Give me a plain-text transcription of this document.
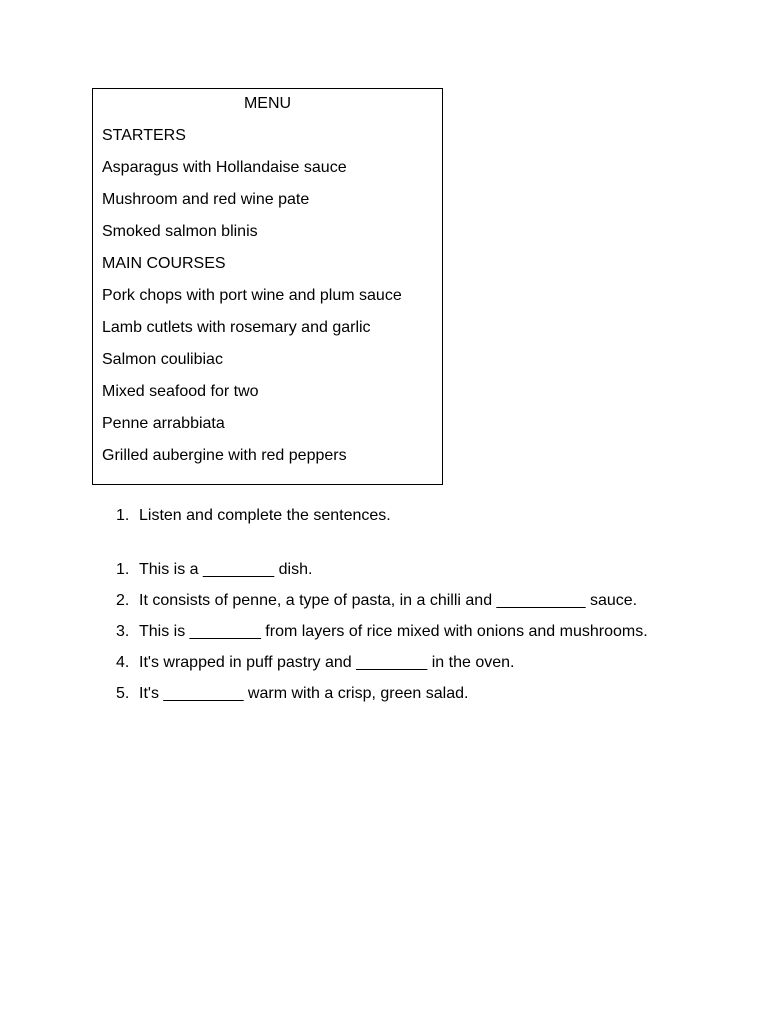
MENU
STARTERS
Asparagus with Hollandaise sauce
Mushroom and red wine pate
Smoked salmon blinis
MAIN COURSES
Pork chops with port wine and plum sauce
Lamb cutlets with rosemary and garlic
Salmon coulibiac
Mixed seafood for two
Penne arrabbiata
Grilled aubergine with red peppers
1. Listen and complete the sentences.
1. This is a ________ dish.
2. It consists of penne, a type of pasta, in a chilli and __________ sauce.
3. This is ________ from layers of rice mixed with onions and mushrooms.
4. It's wrapped in puff pastry and ________ in the oven.
5. It's _________ warm with a crisp, green salad.
